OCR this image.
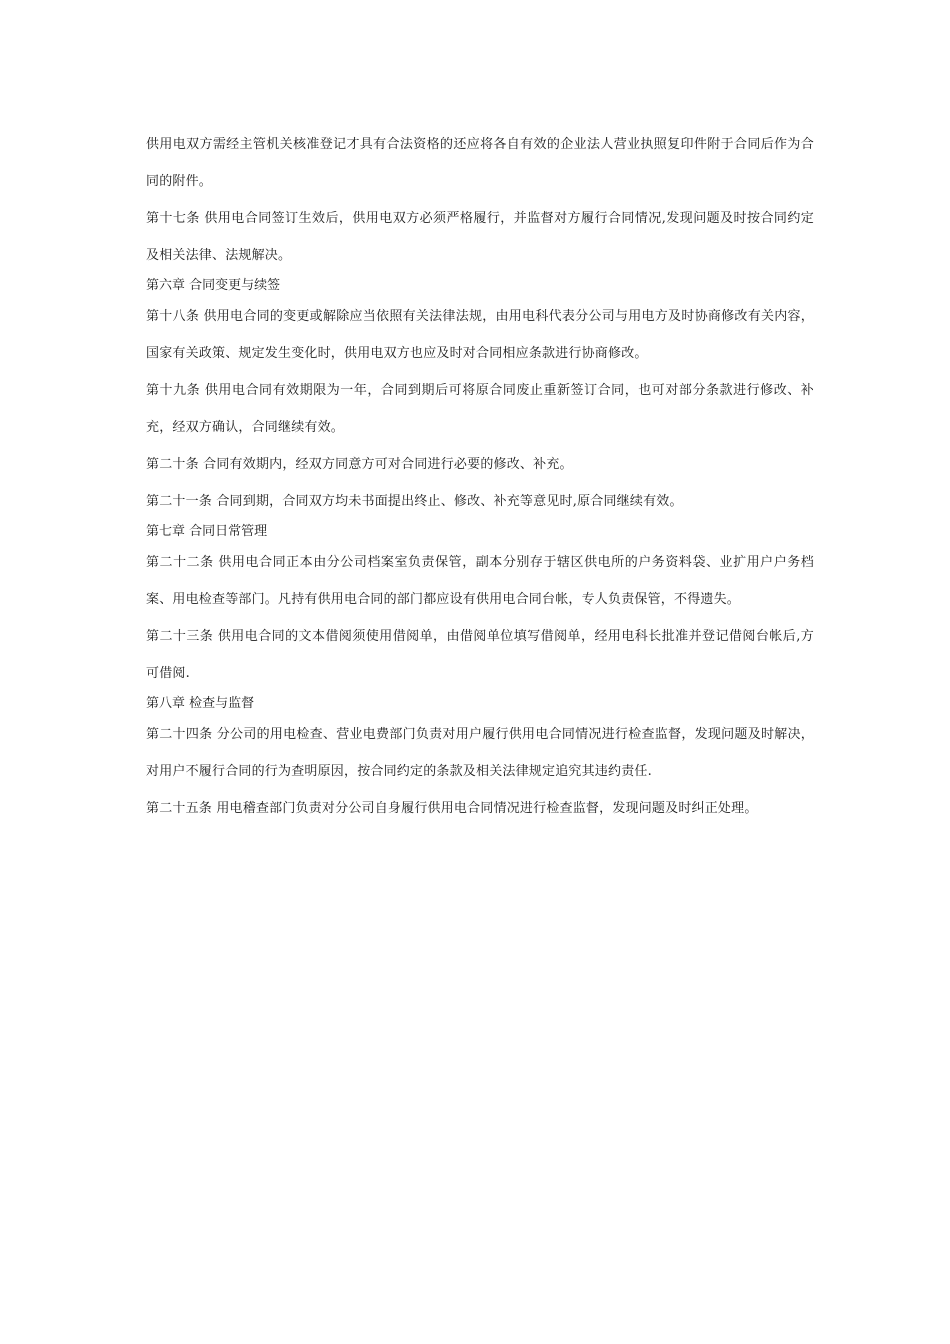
供用电双方需经主管机关核准登记才具有合法资格的还应将各自有效的企业法人营业执照复印件附于合同后作为合同的附件。

第十七条 供用电合同签订生效后，供用电双方必须严格履行，并监督对方履行合同情况,发现问题及时按合同约定及相关法律、法规解决。

第六章 合同变更与续签

第十八条 供用电合同的变更或解除应当依照有关法律法规，由用电科代表分公司与用电方及时协商修改有关内容，国家有关政策、规定发生变化时，供用电双方也应及时对合同相应条款进行协商修改。

第十九条 供用电合同有效期限为一年，合同到期后可将原合同废止重新签订合同，也可对部分条款进行修改、补充，经双方确认，合同继续有效。

第二十条 合同有效期内，经双方同意方可对合同进行必要的修改、补充。

第二十一条 合同到期，合同双方均未书面提出终止、修改、补充等意见时,原合同继续有效。

第七章 合同日常管理

第二十二条 供用电合同正本由分公司档案室负责保管，副本分别存于辖区供电所的户务资料袋、业扩用户户务档案、用电检查等部门。凡持有供用电合同的部门都应设有供用电合同台帐，专人负责保管，不得遗失。

第二十三条 供用电合同的文本借阅须使用借阅单，由借阅单位填写借阅单，经用电科长批准并登记借阅台帐后,方可借阅.

第八章 检查与监督

第二十四条 分公司的用电检查、营业电费部门负责对用户履行供用电合同情况进行检查监督，发现问题及时解决，对用户不履行合同的行为查明原因，按合同约定的条款及相关法律规定追究其违约责任.

第二十五条 用电稽查部门负责对分公司自身履行供用电合同情况进行检查监督，发现问题及时纠正处理。
